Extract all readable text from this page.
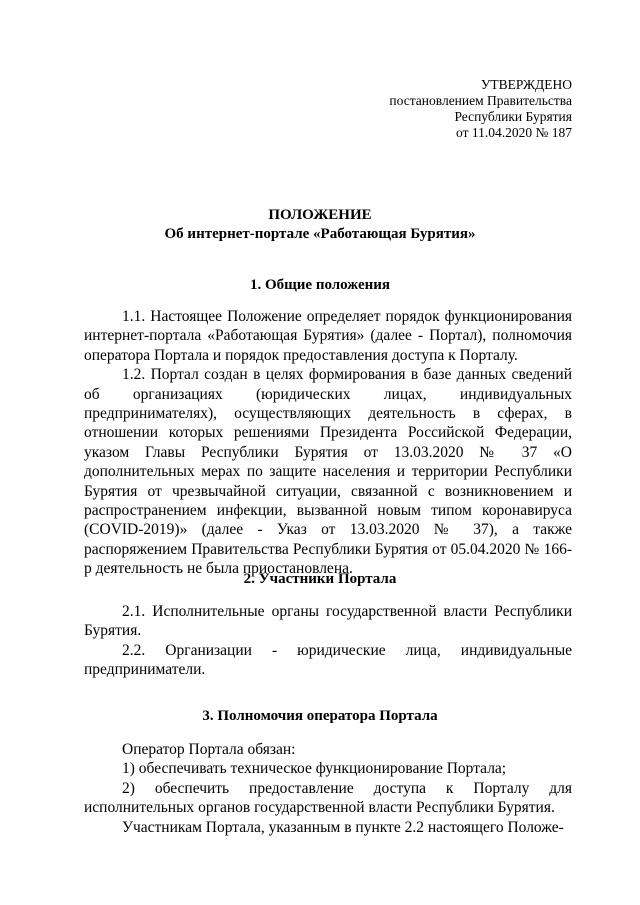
УТВЕРЖДЕНО
постановлением Правительства
Республики Бурятия
от 11.04.2020 № 187
ПОЛОЖЕНИЕ
Об интернет-портале «Работающая Бурятия»
1. Общие положения

1.1. Настоящее Положение определяет порядок функционирования интернет-портала «Работающая Бурятия» (далее - Портал), полномочия оператора Портала и порядок предоставления доступа к Порталу.

1.2. Портал создан в целях формирования в базе данных сведений об организациях (юридических лицах, индивидуальных предпринимателях), осуществляющих деятельность в сферах, в отношении которых решениями Президента Российской Федерации, указом Главы Республики Бурятия от 13.03.2020 № 37 «О дополнительных мерах по защите населения и территории Республики Бурятия от чрезвычайной ситуации, связанной с возникновением и распространением инфекции, вызванной новым типом коронавируса (COVID-2019)» (далее - Указ от 13.03.2020 № 37), а также распоряжением Правительства Республики Бурятия от 05.04.2020 № 166-р деятельность не была приостановлена.

2. Участники Портала

2.1. Исполнительные органы государственной власти Республики Бурятия.

2.2. Организации - юридические лица, индивидуальные предприниматели.

3. Полномочия оператора Портала

Оператор Портала обязан:

1) обеспечивать техническое функционирование Портала;

2) обеспечить предоставление доступа к Порталу для исполнительных органов государственной власти Республики Бурятия.

Участникам Портала, указанным в пункте 2.2 настоящего Положе-
